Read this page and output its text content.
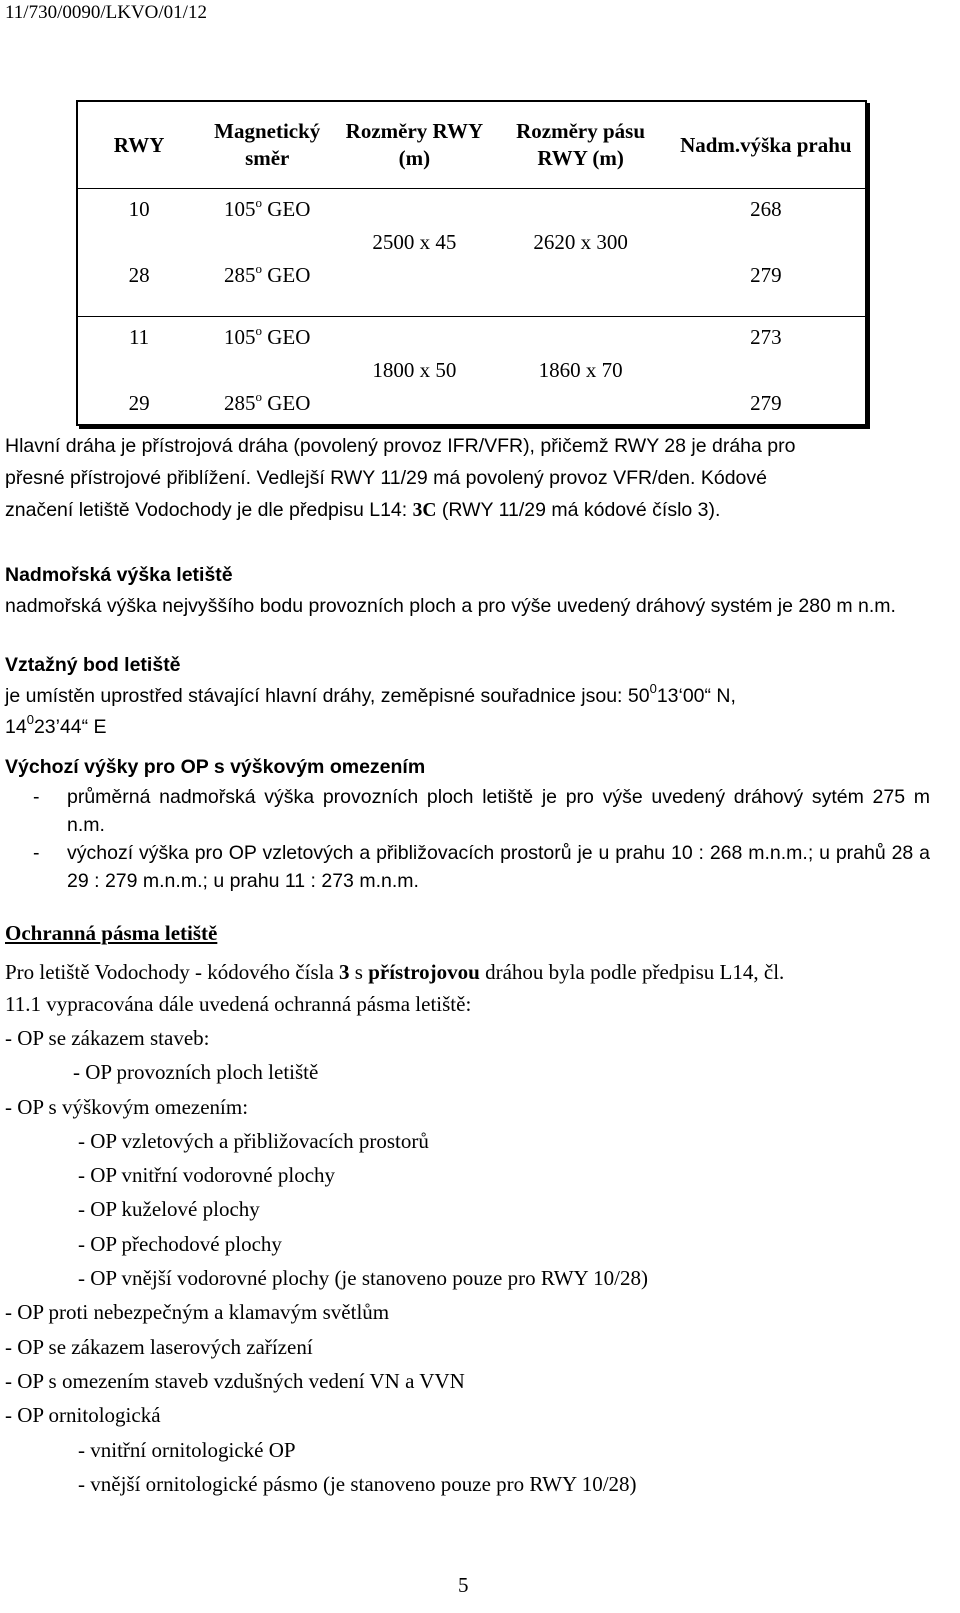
11/730/0090/LKVO/01/12
RWY	Magnetický směr	Rozměry RWY (m)	Rozměry pásu RWY (m)	Nadm.výška prahu
10	105$^o$ GEO	2500 x 45	2620 x 300	268
28	285$^o$ GEO			279

11	105$^o$ GEO	1800 x 50	1860 x 70	273
29	285$^o$ GEO			279
Hlavní dráha je přístrojová dráha (povolený provoz IFR/VFR), přičemž RWY 28 je dráha pro
přesné přístrojové přiblížení. Vedlejší RWY 11/29 má povolený provoz VFR/den. Kódové
značení letiště Vodochody je dle předpisu L14: 3C (RWY 11/29 má kódové číslo 3).
Nadmořská výška letiště
nadmořská výška nejvyššího bodu provozních ploch a pro výše uvedený dráhový systém je 280 m n.m.
Vztažný bod letiště
je umístěn uprostřed stávající hlavní dráhy, zeměpisné souřadnice jsou: $50^013‘00“$ N,
$14^023’44“$ E
Výchozí výšky pro OP s výškovým omezením
-	průměrná nadmořská výška provozních ploch letiště je pro výše uvedený dráhový sytém 275 m n.m.
-	výchozí výška pro OP vzletových a přibližovacích prostorů je u prahu 10 : 268 m.n.m.; u prahů 28 a 29 : 279 m.n.m.; u prahu 11 : 273 m.n.m.
Ochranná pásma letiště
Pro letiště Vodochody - kódového čísla 3 s přístrojovou dráhou byla podle předpisu L14, čl.
11.1 vypracována dále uvedená ochranná pásma letiště:
- OP se zákazem staveb:
- OP provozních ploch letiště
- OP s výškovým omezením:
- OP vzletových a přibližovacích prostorů
- OP vnitřní vodorovné plochy
- OP kuželové plochy
- OP přechodové plochy
- OP vnější vodorovné plochy (je stanoveno pouze pro RWY 10/28)
- OP proti nebezpečným a klamavým světlům
- OP se zákazem laserových zařízení
- OP s omezením staveb vzdušných vedení VN a VVN
- OP ornitologická
- vnitřní ornitologické OP
- vnější ornitologické pásmo (je stanoveno pouze pro RWY 10/28)
5
